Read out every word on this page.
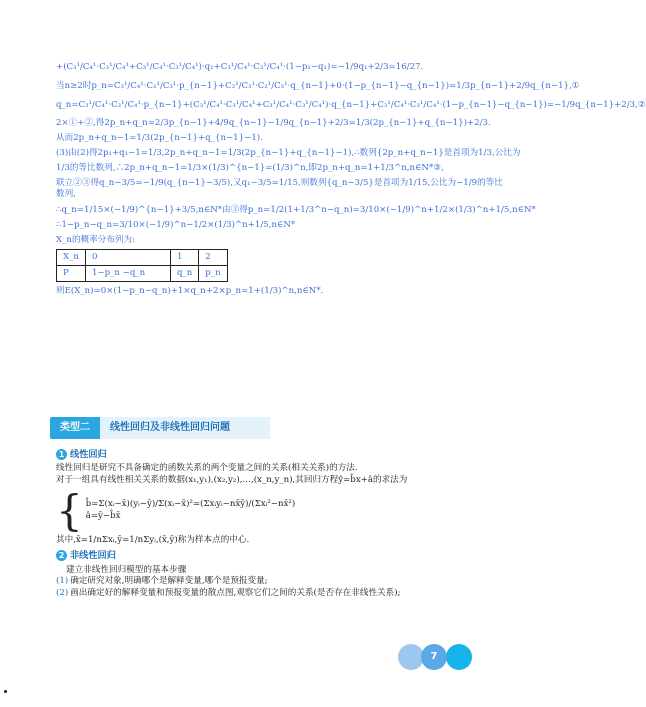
+(C₃¹/C₄¹·C₃¹/C₄¹+C₃¹/C₄¹·C₃¹/C₄¹)·q₁+C₃¹/C₄¹·C₃¹/C₄¹·(1−p₁−q₁)=−1/9q₁+2/3=16/27.
当n≥2时p_n=C₃¹/C₄¹·C₂¹/C₃¹·p_{n−1}+C₂¹/C₃¹·C₂¹/C₃¹·q_{n−1}+0·(1−p_{n−1}−q_{n−1})=1/3p_{n−1}+2/9q_{n−1},①
q_n=C₃¹/C₄¹·C₃¹/C₄¹·p_{n−1}+(C₃¹/C₄¹·C₃¹/C₄¹+C₃¹/C₄¹·C₃¹/C₄¹)·q_{n−1}+C₃¹/C₄¹·C₃¹/C₄¹·(1−p_{n−1}−q_{n−1})=−1/9q_{n−1}+2/3,②
2×①+②,得2p_n+q_n=2/3p_{n−1}+4/9q_{n−1}−1/9q_{n−1}+2/3=1/3(2p_{n−1}+q_{n−1})+2/3.
从而2p_n+q_n−1=1/3(2p_{n−1}+q_{n−1}−1).
(3)由(2)得2p₁+q₁−1=1/3,2p_n+q_n−1=1/3(2p_{n−1}+q_{n−1}−1),∴数列{2p_n+q_n−1}是首项为1/3,公比为
1/3的等比数列,∴2p_n+q_n−1=1/3×(1/3)^{n−1}=(1/3)^n,即2p_n+q_n=1+1/3^n,n∈N*③,
联立②③得q_n−3/5=−1/9(q_{n−1}−3/5),又q₁−3/5=1/15,则数列{q_n−3/5}是首项为1/15,公比为−1/9的等比
数列,
∴q_n=1/15×(−1/9)^{n−1}+3/5,n∈N*由③得p_n=1/2(1+1/3^n−q_n)=3/10×(−1/9)^n+1/2×(1/3)^n+1/5,n∈N*
∴1−p_n−q_n=3/10×(−1/9)^n−1/2×(1/3)^n+1/5,n∈N*
X_n的概率分布列为:
X_n	0	1	2
P	1−p_n −q_n	q_n	p_n
则E(X_n)=0×(1−p_n−q_n)+1×q_n+2×p_n=1+(1/3)^n,n∈N*.
类型二	线性回归及非线性回归问题
1 线性回归
线性回归是研究不具备确定的函数关系的两个变量之间的关系(相关关系)的方法.
对于一组具有线性相关关系的数据(x₁,y₁),(x₂,y₂),…,(x_n,y_n),其回归方程ŷ=b̂x+â的求法为
{ b̂=Σ(xᵢ−x̄)(yᵢ−ȳ)/Σ(xᵢ−x̄)²=(Σxᵢyᵢ−nx̄ȳ)/(Σxᵢ²−nx̄²)
â=ȳ−b̂x̄
其中,x̄=1/nΣxᵢ,ȳ=1/nΣyᵢ,(x̄,ȳ)称为样本点的中心.
2 非线性回归
建立非线性回归模型的基本步骤
(1) 确定研究对象,明确哪个是解释变量,哪个是预报变量;
(2) 画出确定好的解释变量和预报变量的散点图,观察它们之间的关系(是否存在非线性关系);
7
